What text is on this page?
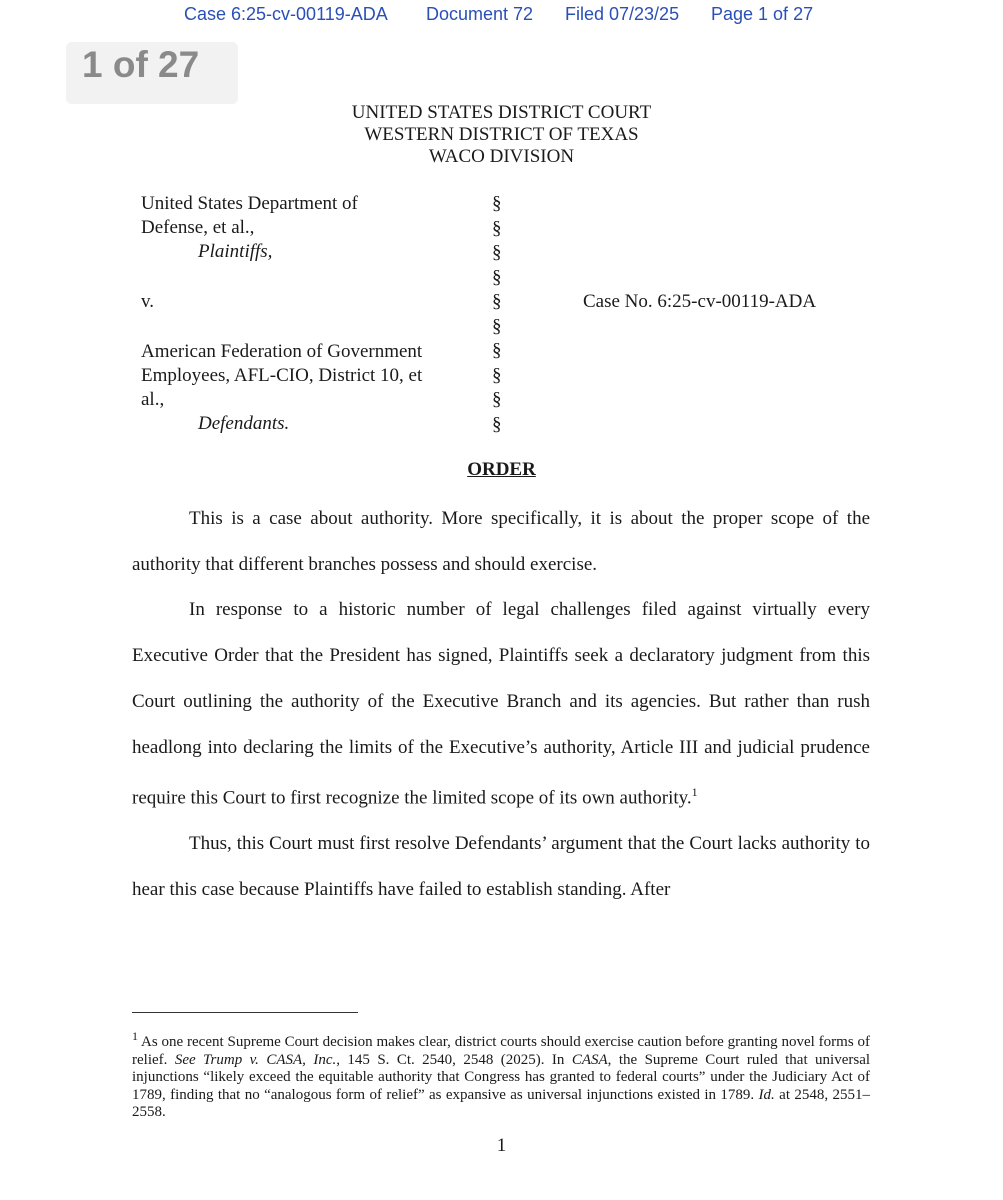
Case 6:25-cv-00119-ADA Document 72 Filed 07/23/25 Page 1 of 27
1 of 27
UNITED STATES DISTRICT COURT
WESTERN DISTRICT OF TEXAS
WACO DIVISION
United States Department of
Defense, et al.,
Plaintiffs,
v.
American Federation of Government
Employees, AFL-CIO, District 10, et
al.,
Defendants.
§
§
§
§
§
§
§
§
§
§
Case No. 6:25-cv-00119-ADA
ORDER

This is a case about authority. More specifically, it is about the proper scope of the authority that different branches possess and should exercise.

In response to a historic number of legal challenges filed against virtually every Executive Order that the President has signed, Plaintiffs seek a declaratory judgment from this Court outlining the authority of the Executive Branch and its agencies. But rather than rush headlong into declaring the limits of the Executive’s authority, Article III and judicial prudence require this Court to first recognize the limited scope of its own authority.$^1$

Thus, this Court must first resolve Defendants’ argument that the Court lacks authority to hear this case because Plaintiffs have failed to establish standing. After

$^1$ As one recent Supreme Court decision makes clear, district courts should exercise caution before granting novel forms of relief. See Trump v. CASA, Inc., 145 S. Ct. 2540, 2548 (2025). In CASA, the Supreme Court ruled that universal injunctions “likely exceed the equitable authority that Congress has granted to federal courts” under the Judiciary Act of 1789, finding that no “analogous form of relief” as expansive as universal injunctions existed in 1789. Id. at 2548, 2551–2558.
1
